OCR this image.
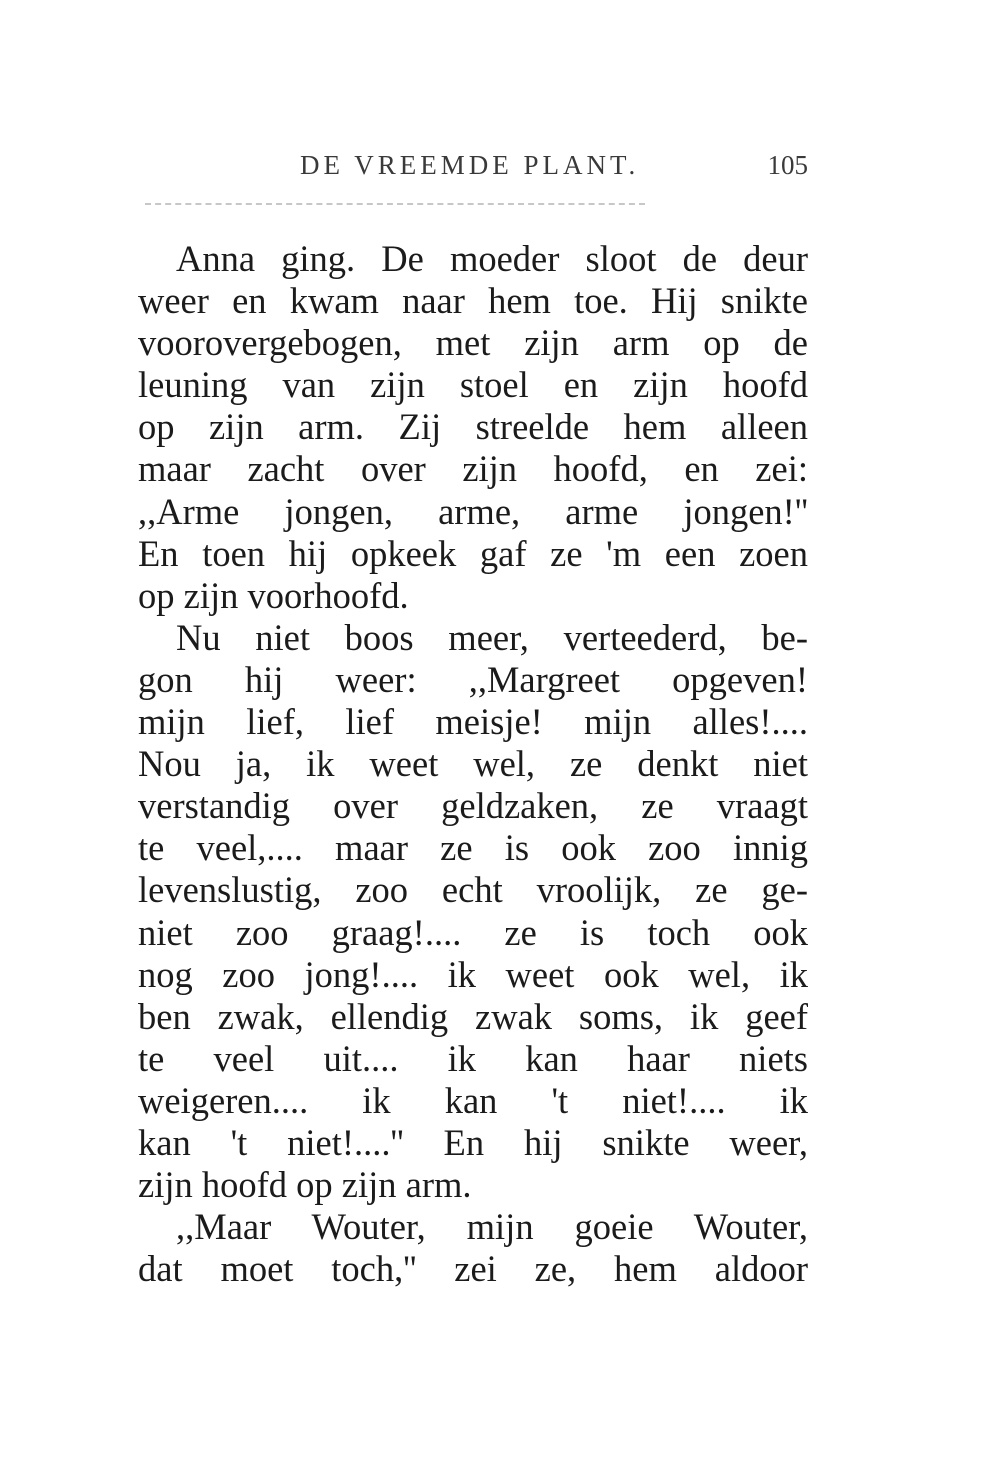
DE VREEMDE PLANT.	105
Anna ging. De moeder sloot de deur
weer en kwam naar hem toe. Hij snikte
voorovergebogen, met zijn arm op de
leuning van zijn stoel en zijn hoofd
op zijn arm. Zij streelde hem alleen
maar zacht over zijn hoofd, en zei:
,,Arme jongen, arme, arme jongen!''
En toen hij opkeek gaf ze 'm een zoen
op zijn voorhoofd.
Nu niet boos meer, verteederd, be-
gon hij weer: ,,Margreet opgeven!
mijn lief, lief meisje! mijn alles!....
Nou ja, ik weet wel, ze denkt niet
verstandig over geldzaken, ze vraagt
te veel,.... maar ze is ook zoo innig
levenslustig, zoo echt vroolijk, ze ge-
niet zoo graag!.... ze is toch ook
nog zoo jong!.... ik weet ook wel, ik
ben zwak, ellendig zwak soms, ik geef
te veel uit.... ik kan haar niets
weigeren.... ik kan 't niet!.... ik
kan 't niet!....'' En hij snikte weer,
zijn hoofd op zijn arm.
,,Maar Wouter, mijn goeie Wouter,
dat moet toch,'' zei ze, hem aldoor
